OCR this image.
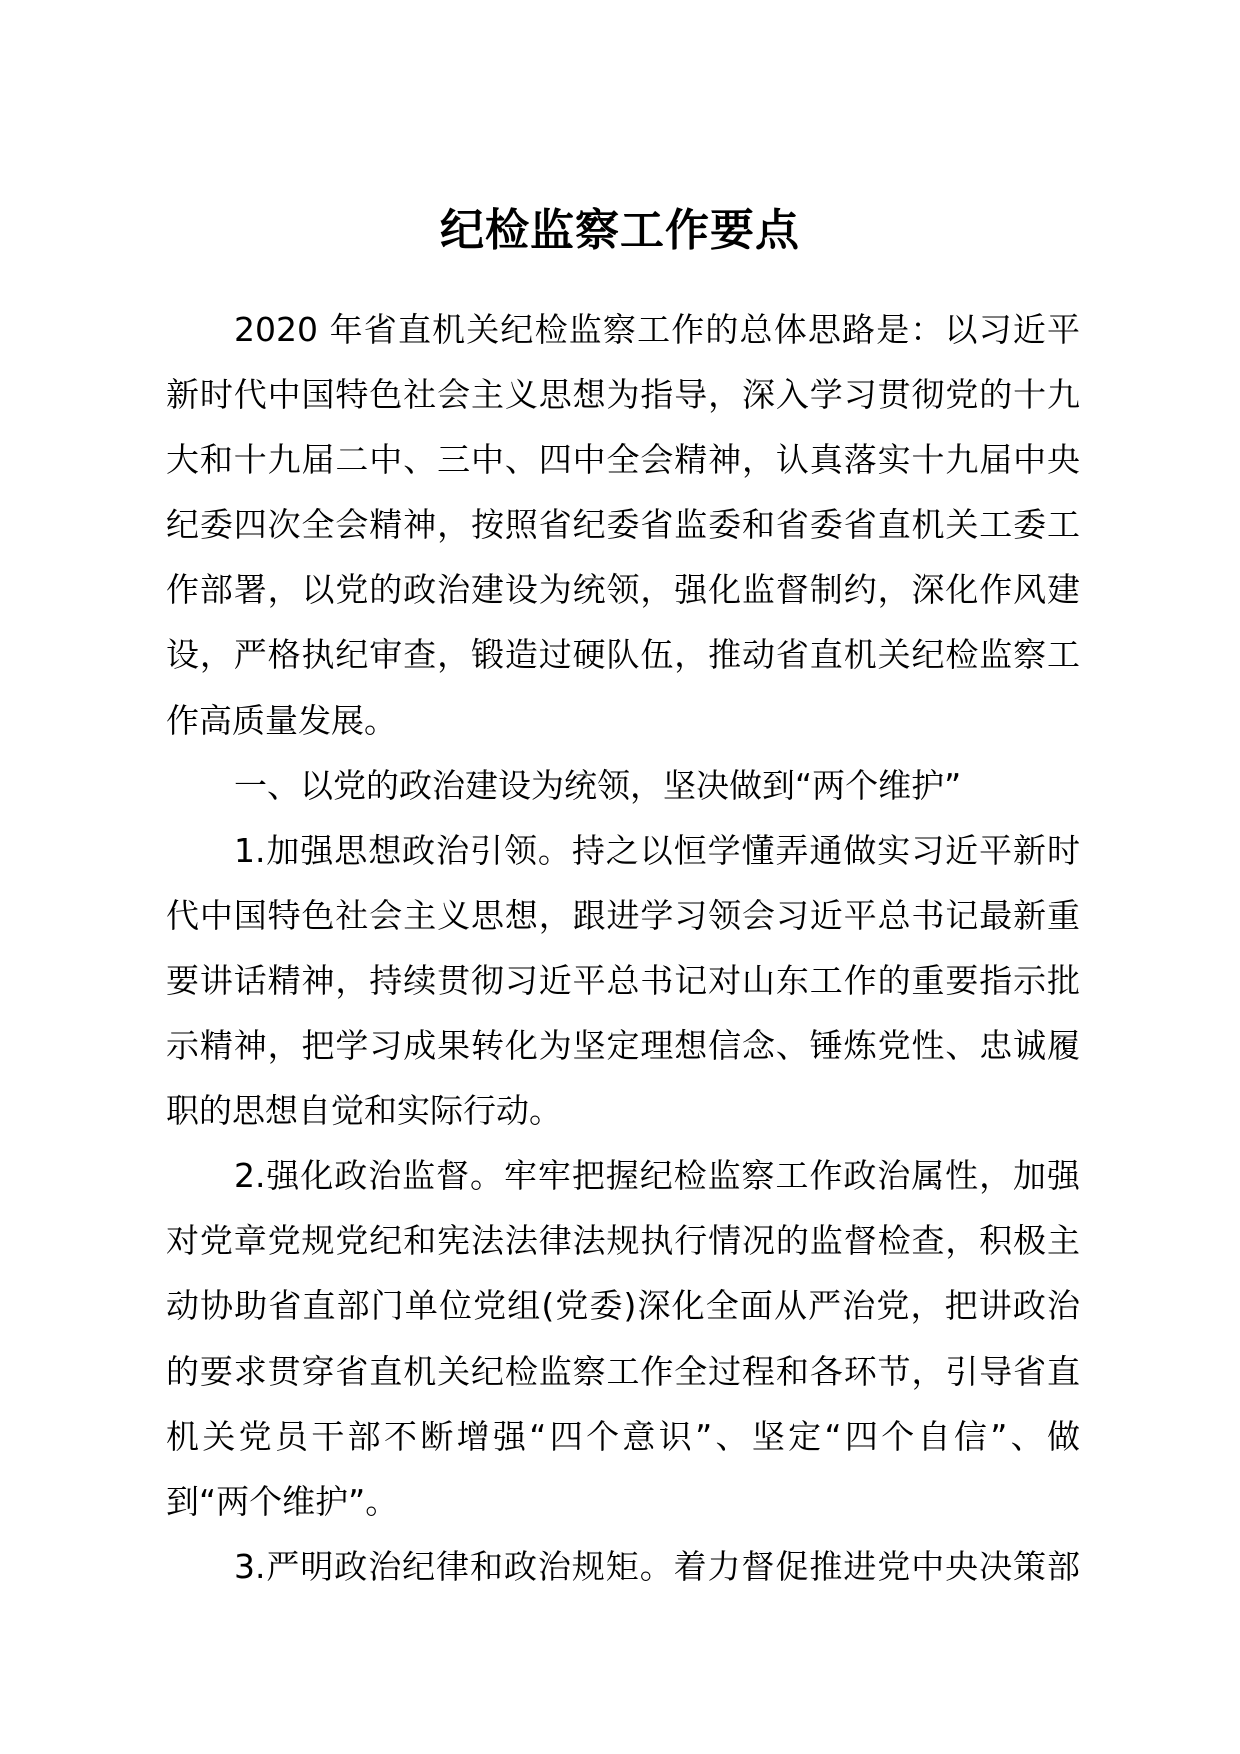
纪检监察工作要点
2020 年省直机关纪检监察工作的总体思路是：以习近平
新时代中国特色社会主义思想为指导，深入学习贯彻党的十九
大和十九届二中、三中、四中全会精神，认真落实十九届中央
纪委四次全会精神，按照省纪委省监委和省委省直机关工委工
作部署，以党的政治建设为统领，强化监督制约，深化作风建
设，严格执纪审查，锻造过硬队伍，推动省直机关纪检监察工
作高质量发展。
一、以党的政治建设为统领，坚决做到“两个维护”
1.加强思想政治引领。持之以恒学懂弄通做实习近平新时
代中国特色社会主义思想，跟进学习领会习近平总书记最新重
要讲话精神，持续贯彻习近平总书记对山东工作的重要指示批
示精神，把学习成果转化为坚定理想信念、锤炼党性、忠诚履
职的思想自觉和实际行动。
2.强化政治监督。牢牢把握纪检监察工作政治属性，加强
对党章党规党纪和宪法法律法规执行情况的监督检查，积极主
动协助省直部门单位党组(党委)深化全面从严治党，把讲政治
的要求贯穿省直机关纪检监察工作全过程和各环节，引导省直
机关党员干部不断增强“四个意识”、坚定“四个自信”、做
到“两个维护”。
3.严明政治纪律和政治规矩。着力督促推进党中央决策部
